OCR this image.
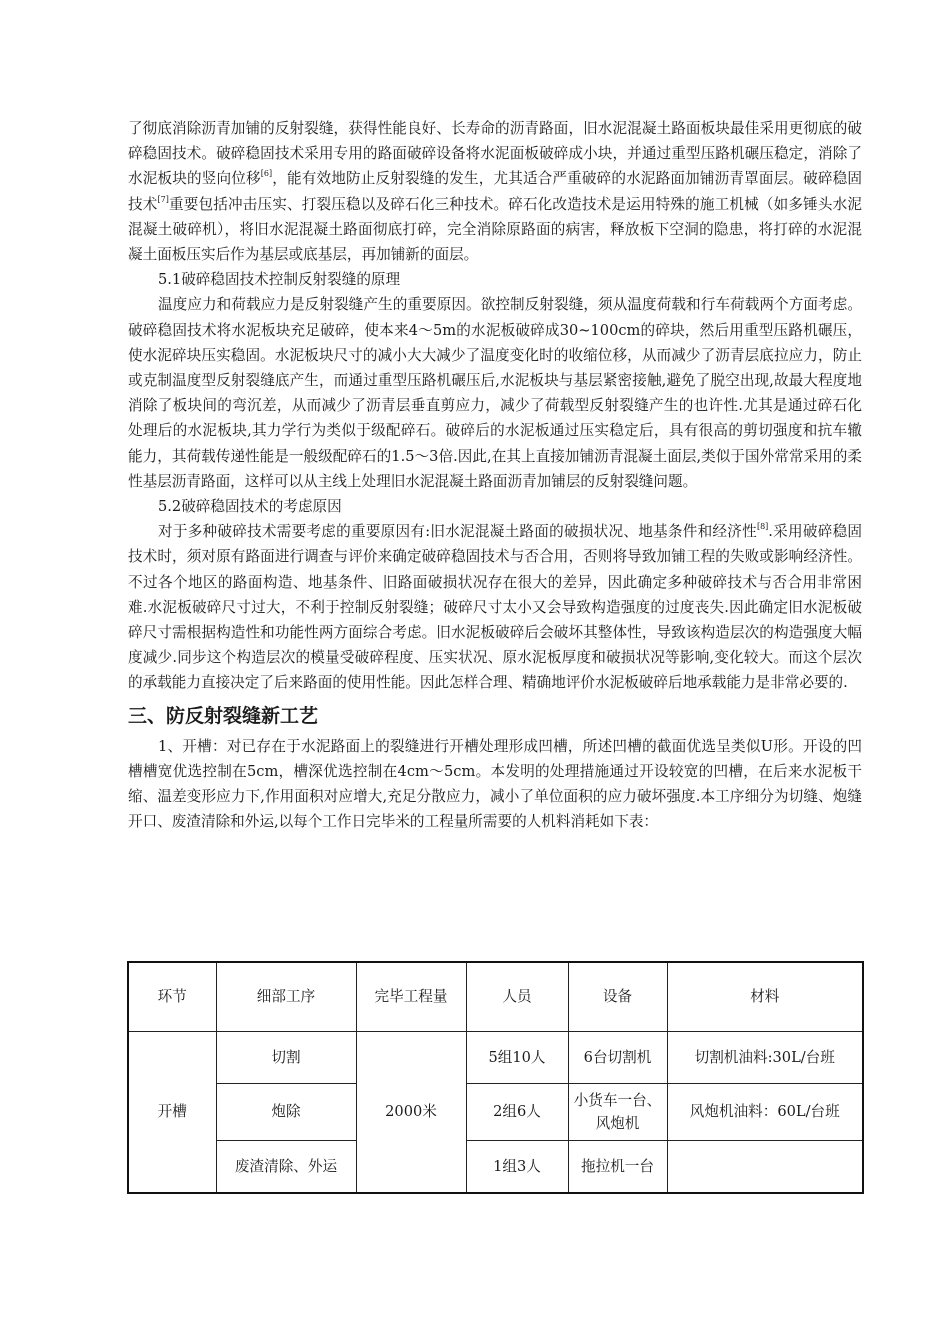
了彻底消除沥青加铺的反射裂缝，获得性能良好、长寿命的沥青路面，旧水泥混凝土路面板块最佳采用更彻底的破碎稳固技术。破碎稳固技术采用专用的路面破碎设备将水泥面板破碎成小块，并通过重型压路机碾压稳定，消除了水泥板块的竖向位移[6]，能有效地防止反射裂缝的发生，尤其适合严重破碎的水泥路面加铺沥青罩面层。破碎稳固技术[7]重要包括冲击压实、打裂压稳以及碎石化三种技术。碎石化改造技术是运用特殊的施工机械（如多锤头水泥混凝土破碎机），将旧水泥混凝土路面彻底打碎，完全消除原路面的病害，释放板下空洞的隐患，将打碎的水泥混凝土面板压实后作为基层或底基层，再加铺新的面层。

5.1破碎稳固技术控制反射裂缝的原理

温度应力和荷载应力是反射裂缝产生的重要原因。欲控制反射裂缝，须从温度荷载和行车荷载两个方面考虑。破碎稳固技术将水泥板块充足破碎，使本来4～5m的水泥板破碎成30~100cm的碎块，然后用重型压路机碾压，使水泥碎块压实稳固。水泥板块尺寸的减小大大减少了温度变化时的收缩位移，从而减少了沥青层底拉应力，防止或克制温度型反射裂缝底产生，而通过重型压路机碾压后,水泥板块与基层紧密接触,避免了脱空出现,故最大程度地消除了板块间的弯沉差，从而减少了沥青层垂直剪应力，减少了荷载型反射裂缝产生的也许性.尤其是通过碎石化处理后的水泥板块,其力学行为类似于级配碎石。破碎后的水泥板通过压实稳定后，具有很高的剪切强度和抗车辙能力，其荷载传递性能是一般级配碎石的1.5～3倍.因此,在其上直接加铺沥青混凝土面层,类似于国外常常采用的柔性基层沥青路面，这样可以从主线上处理旧水泥混凝土路面沥青加铺层的反射裂缝问题。

5.2破碎稳固技术的考虑原因

对于多种破碎技术需要考虑的重要原因有:旧水泥混凝土路面的破损状况、地基条件和经济性[8].采用破碎稳固技术时，须对原有路面进行调查与评价来确定破碎稳固技术与否合用，否则将导致加铺工程的失败或影响经济性。不过各个地区的路面构造、地基条件、旧路面破损状况存在很大的差异，因此确定多种破碎技术与否合用非常困难.水泥板破碎尺寸过大，不利于控制反射裂缝；破碎尺寸太小又会导致构造强度的过度丧失.因此确定旧水泥板破碎尺寸需根据构造性和功能性两方面综合考虑。旧水泥板破碎后会破坏其整体性，导致该构造层次的构造强度大幅度减少.同步这个构造层次的模量受破碎程度、压实状况、原水泥板厚度和破损状况等影响,变化较大。而这个层次的承载能力直接决定了后来路面的使用性能。因此怎样合理、精确地评价水泥板破碎后地承载能力是非常必要的.

三、防反射裂缝新工艺

1、开槽：对已存在于水泥路面上的裂缝进行开槽处理形成凹槽，所述凹槽的截面优选呈类似U形。开设的凹槽槽宽优选控制在5cm，槽深优选控制在4cm～5cm。本发明的处理措施通过开设较宽的凹槽，在后来水泥板干缩、温差变形应力下,作用面积对应增大,充足分散应力，减小了单位面积的应力破坏强度.本工序细分为切缝、炮缝开口、废渣清除和外运,以每个工作日完毕米的工程量所需要的人机料消耗如下表：

环节	细部工序	完毕工程量	人员	设备	材料
开槽	切割	2000米	5组10人	6台切割机	切割机油料:30L/台班
	炮除		2组6人	小货车一台、风炮机	风炮机油料：60L/台班
	废渣清除、外运		1组3人	拖拉机一台	
